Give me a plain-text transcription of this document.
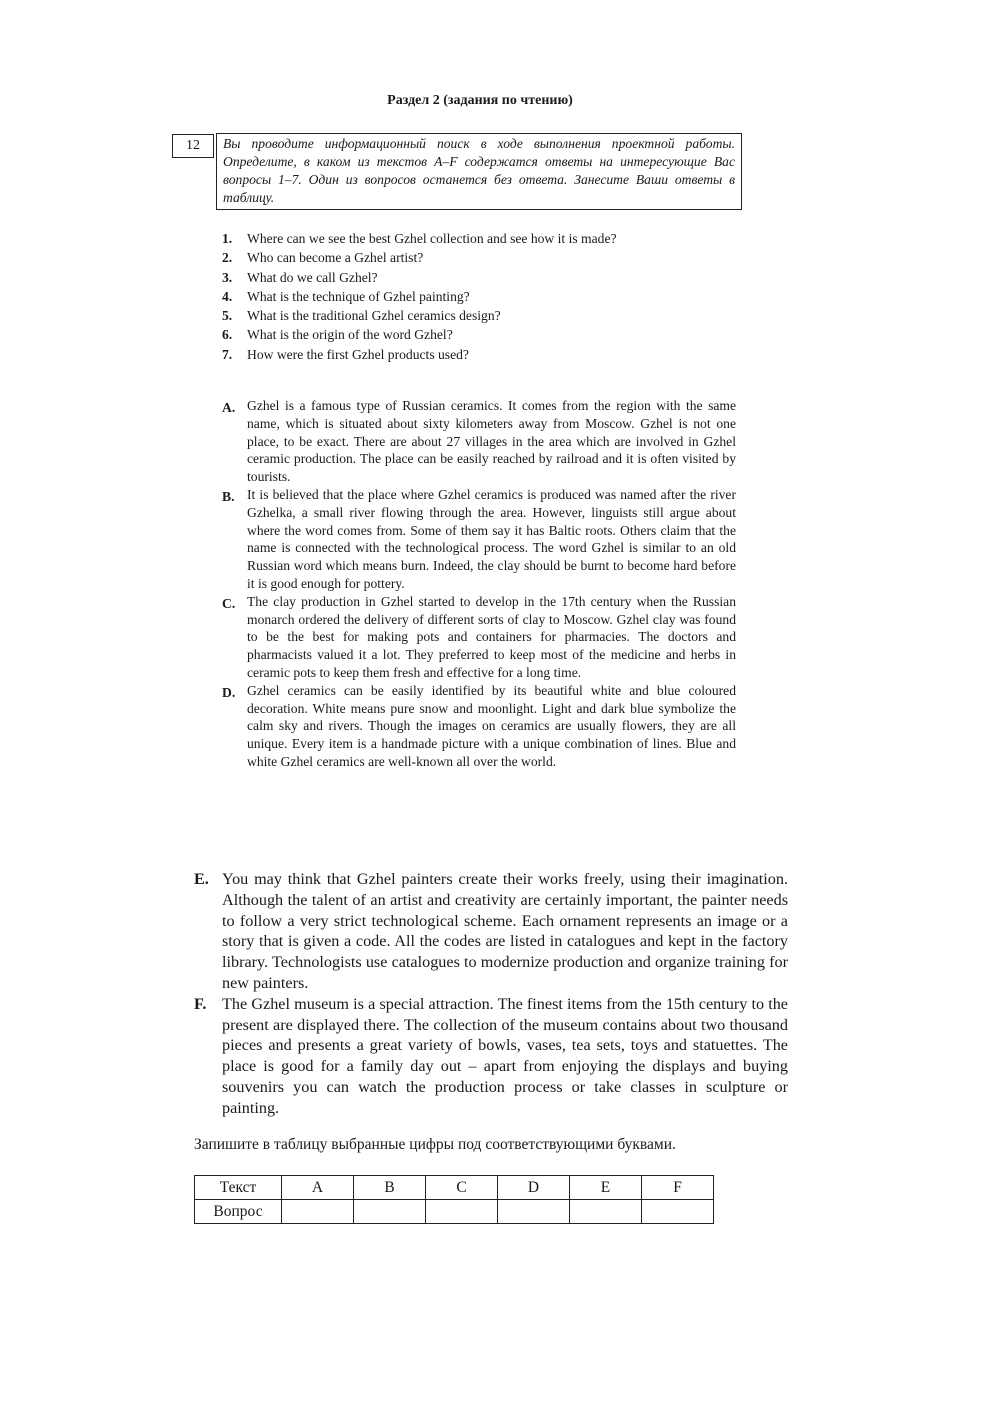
Раздел 2 (задания по чтению)
12	Вы проводите информационный поиск в ходе выполнения проектной работы. Определите, в каком из текстов A–F содержатся ответы на интересующие Вас вопросы 1–7. Один из вопросов останется без ответа. Занесите Ваши ответы в таблицу.
1.	Where can we see the best Gzhel collection and see how it is made?
2.	Who can become a Gzhel artist?
3.	What do we call Gzhel?
4.	What is the technique of Gzhel painting?
5.	What is the traditional Gzhel ceramics design?
6.	What is the origin of the word Gzhel?
7.	How were the first Gzhel products used?
A. Gzhel is a famous type of Russian ceramics. It comes from the region with the same name, which is situated about sixty kilometers away from Moscow. Gzhel is not one place, to be exact. There are about 27 villages in the area which are involved in Gzhel ceramic production. The place can be easily reached by railroad and it is often visited by tourists.
B. It is believed that the place where Gzhel ceramics is produced was named after the river Gzhelka, a small river flowing through the area. However, linguists still argue about where the word comes from. Some of them say it has Baltic roots. Others claim that the name is connected with the technological process. The word Gzhel is similar to an old Russian word which means burn. Indeed, the clay should be burnt to become hard before it is good enough for pottery.
C. The clay production in Gzhel started to develop in the 17th century when the Russian monarch ordered the delivery of different sorts of clay to Moscow. Gzhel clay was found to be the best for making pots and containers for pharmacies. The doctors and pharmacists valued it a lot. They preferred to keep most of the medicine and herbs in ceramic pots to keep them fresh and effective for a long time.
D. Gzhel ceramics can be easily identified by its beautiful white and blue coloured decoration. White means pure snow and moonlight. Light and dark blue symbolize the calm sky and rivers. Though the images on ceramics are usually flowers, they are all unique. Every item is a handmade picture with a unique combination of lines. Blue and white Gzhel ceramics are well-known all over the world.
E. You may think that Gzhel painters create their works freely, using their imagination. Although the talent of an artist and creativity are certainly important, the painter needs to follow a very strict technological scheme. Each ornament represents an image or a story that is given a code. All the codes are listed in catalogues and kept in the factory library. Technologists use catalogues to modernize production and organize training for new painters.
F. The Gzhel museum is a special attraction. The finest items from the 15th century to the present are displayed there. The collection of the museum contains about two thousand pieces and presents a great variety of bowls, vases, tea sets, toys and statuettes. The place is good for a family day out – apart from enjoying the displays and buying souvenirs you can watch the production process or take classes in sculpture or painting.
Запишите в таблицу выбранные цифры под соответствующими буквами.
Текст	A	B	C	D	E	F
Вопрос						
